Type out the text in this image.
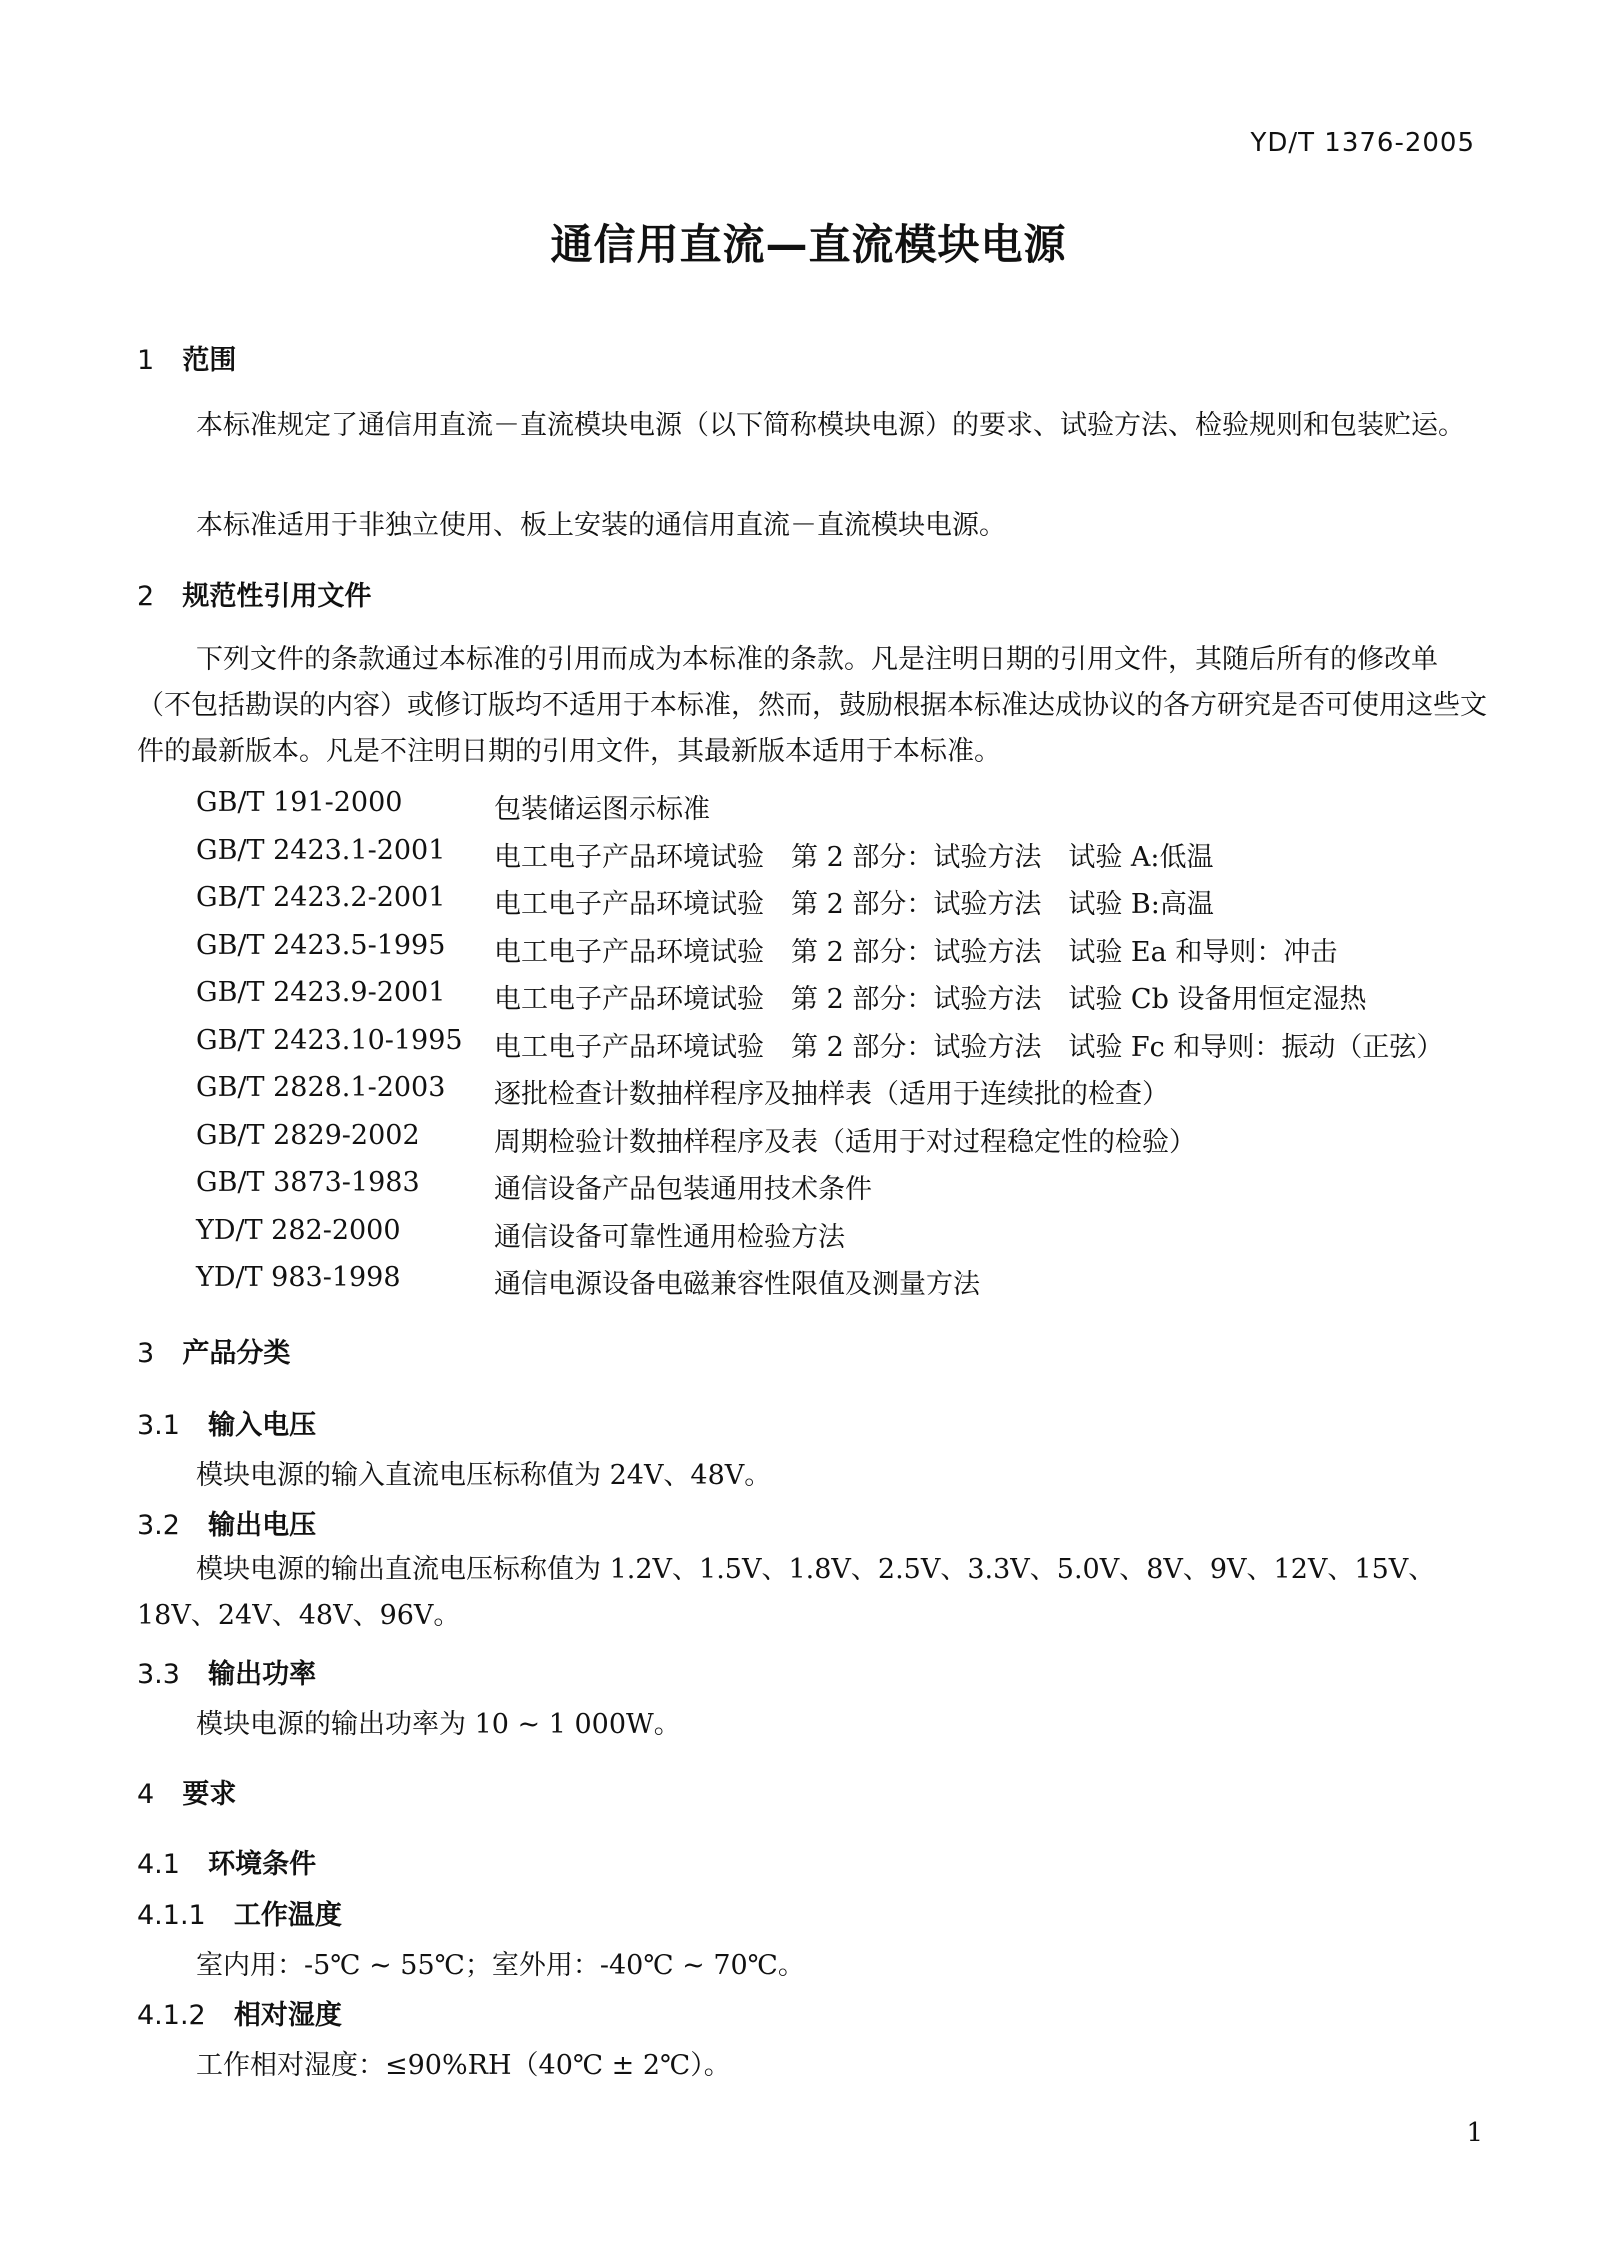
YD/T 1376-2005
通信用直流—直流模块电源
1 范围
本标准规定了通信用直流－直流模块电源（以下简称模块电源）的要求、试验方法、检验规则和包装贮运。
本标准适用于非独立使用、板上安装的通信用直流－直流模块电源。
2 规范性引用文件
下列文件的条款通过本标准的引用而成为本标准的条款。凡是注明日期的引用文件，其随后所有的修改单（不包括勘误的内容）或修订版均不适用于本标准，然而，鼓励根据本标准达成协议的各方研究是否可使用这些文件的最新版本。凡是不注明日期的引用文件，其最新版本适用于本标准。
GB/T 191-2000	包装储运图示标准
GB/T 2423.1-2001 电工电子产品环境试验　第 2 部分：试验方法　试验 A:低温
GB/T 2423.2-2001 电工电子产品环境试验　第 2 部分：试验方法　试验 B:高温
GB/T 2423.5-1995 电工电子产品环境试验　第 2 部分：试验方法　试验 Ea 和导则：冲击
GB/T 2423.9-2001 电工电子产品环境试验　第 2 部分：试验方法　试验 Cb 设备用恒定湿热
GB/T 2423.10-1995 电工电子产品环境试验　第 2 部分：试验方法　试验 Fc 和导则：振动（正弦）
GB/T 2828.1-2003 逐批检查计数抽样程序及抽样表（适用于连续批的检查）
GB/T 2829-2002	周期检验计数抽样程序及表（适用于对过程稳定性的检验）
GB/T 3873-1983	通信设备产品包装通用技术条件
YD/T 282-2000	通信设备可靠性通用检验方法
YD/T 983-1998	通信电源设备电磁兼容性限值及测量方法
3 产品分类
3.1 输入电压
模块电源的输入直流电压标称值为 24V、48V。
3.2 输出电压
模块电源的输出直流电压标称值为 1.2V、1.5V、1.8V、2.5V、3.3V、5.0V、8V、9V、12V、15V、18V、24V、48V、96V。
3.3 输出功率
模块电源的输出功率为 10 ~ 1 000W。
4 要求
4.1 环境条件
4.1.1 工作温度
室内用：-5℃ ~ 55℃；室外用：-40℃ ~ 70℃。
4.1.2 相对湿度
工作相对湿度：≤90%RH（40℃ ± 2℃）。
1
